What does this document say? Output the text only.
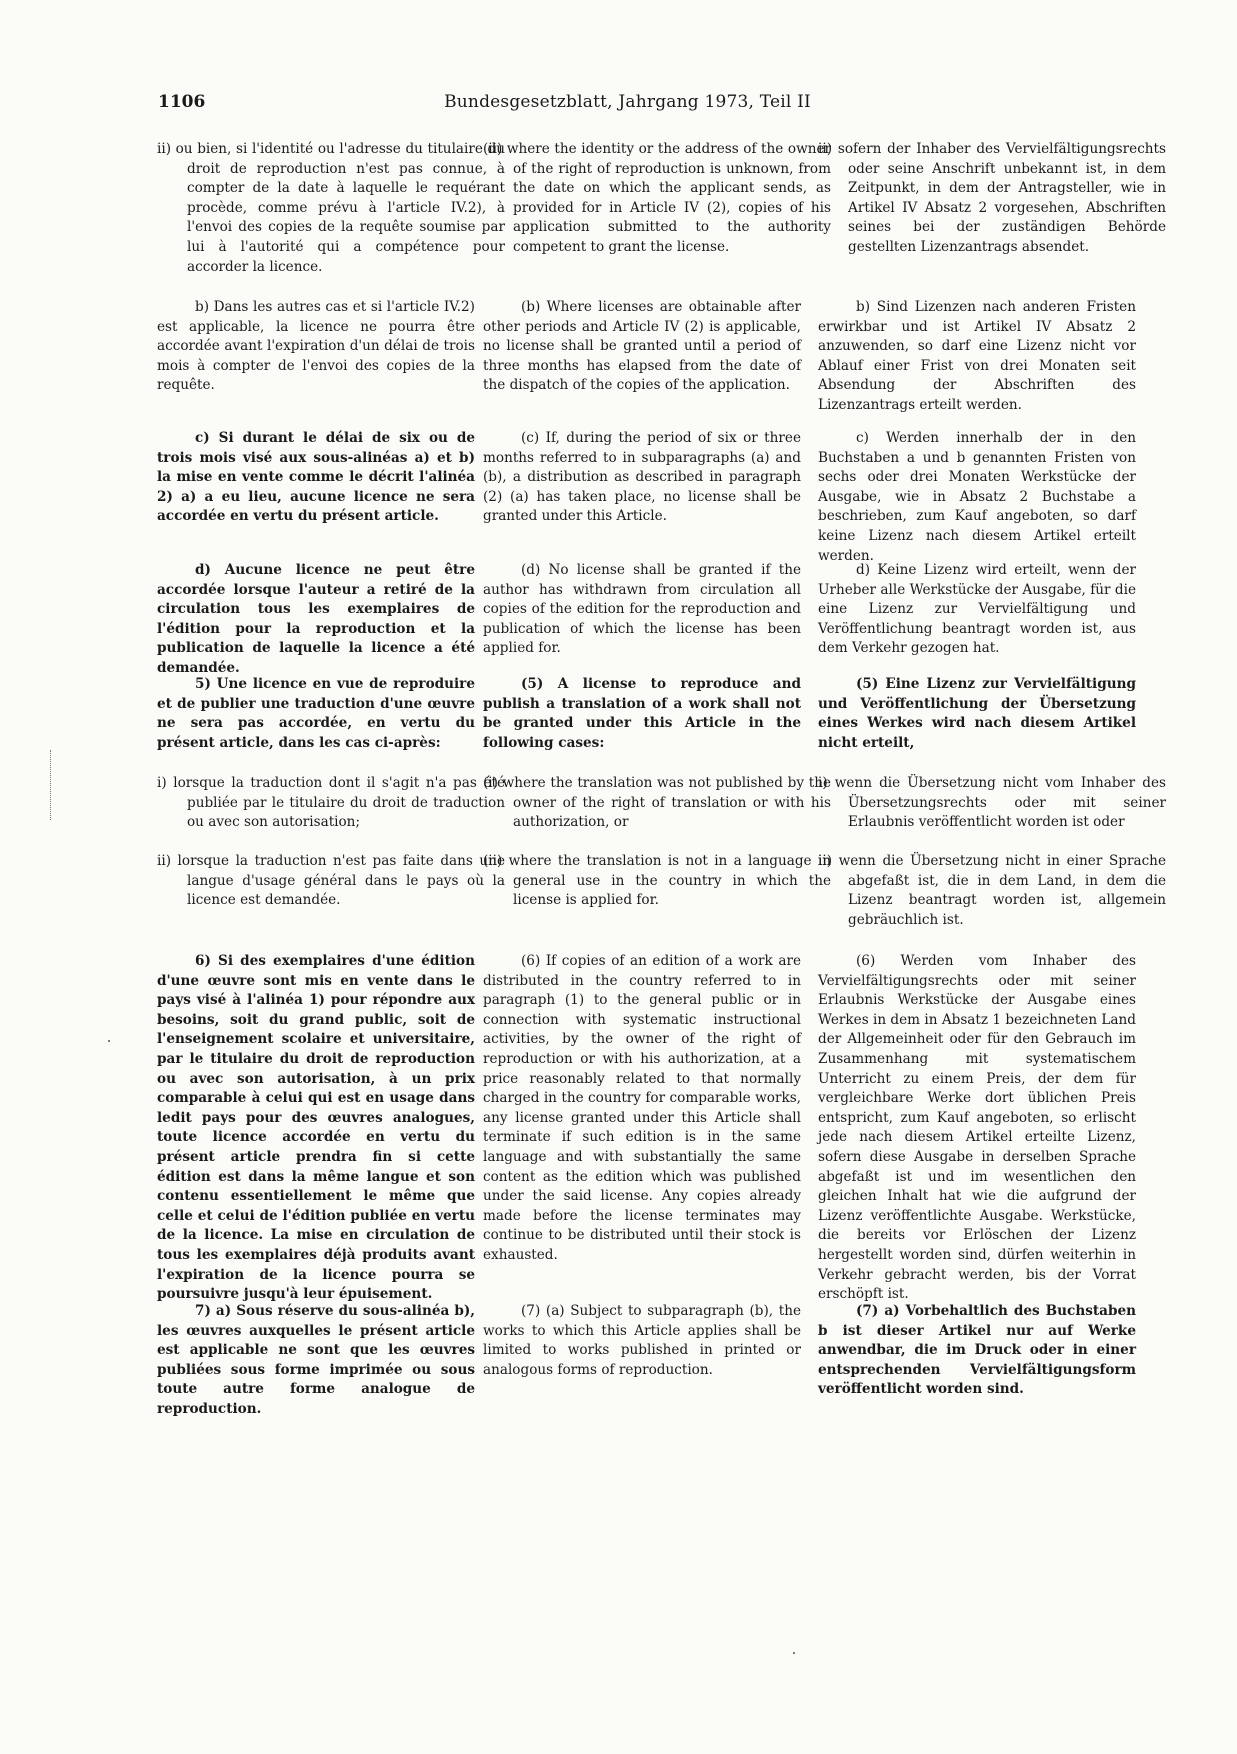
1106	Bundesgesetzblatt, Jahrgang 1973, Teil II
ii) ou bien, si l'identité ou l'adresse du titulaire du droit de reproduction n'est pas connue, à compter de la date à laquelle le requérant procède, comme prévu à l'article IV.2), à l'envoi des copies de la requête soumise par lui à l'autorité qui a compétence pour accorder la licence.
b) Dans les autres cas et si l'article IV.2) est applicable, la licence ne pourra être accordée avant l'expiration d'un délai de trois mois à compter de l'envoi des copies de la requête.
c) Si durant le délai de six ou de trois mois visé aux sous-alinéas a) et b) la mise en vente comme le décrit l'alinéa 2) a) a eu lieu, aucune licence ne sera accordée en vertu du présent article.
d) Aucune licence ne peut être accordée lorsque l'auteur a retiré de la circulation tous les exemplaires de l'édition pour la reproduction et la publication de laquelle la licence a été demandée.
5) Une licence en vue de reproduire et de publier une traduction d'une œuvre ne sera pas accordée, en vertu du présent article, dans les cas ci-après:
i) lorsque la traduction dont il s'agit n'a pas été publiée par le titulaire du droit de traduction ou avec son autorisation;
ii) lorsque la traduction n'est pas faite dans une langue d'usage général dans le pays où la licence est demandée.
6) Si des exemplaires d'une édition d'une œuvre sont mis en vente dans le pays visé à l'alinéa 1) pour répondre aux besoins, soit du grand public, soit de l'enseignement scolaire et universitaire, par le titulaire du droit de reproduction ou avec son autorisation, à un prix comparable à celui qui est en usage dans ledit pays pour des œuvres analogues, toute licence accordée en vertu du présent article prendra fin si cette édition est dans la même langue et son contenu essentiellement le même que celle et celui de l'édition publiée en vertu de la licence. La mise en circulation de tous les exemplaires déjà produits avant l'expiration de la licence pourra se poursuivre jusqu'à leur épuisement.
7) a) Sous réserve du sous-alinéa b), les œuvres auxquelles le présent article est applicable ne sont que les œuvres publiées sous forme imprimée ou sous toute autre forme analogue de reproduction.
(ii) where the identity or the address of the owner of the right of reproduction is unknown, from the date on which the applicant sends, as provided for in Article IV (2), copies of his application submitted to the authority competent to grant the license.
(b) Where licenses are obtainable after other periods and Article IV (2) is applicable, no license shall be granted until a period of three months has elapsed from the date of the dispatch of the copies of the application.
(c) If, during the period of six or three months referred to in subparagraphs (a) and (b), a distribution as described in paragraph (2) (a) has taken place, no license shall be granted under this Article.
(d) No license shall be granted if the author has withdrawn from circulation all copies of the edition for the reproduction and publication of which the license has been applied for.
(5) A license to reproduce and publish a translation of a work shall not be granted under this Article in the following cases:
(i) where the translation was not published by the owner of the right of translation or with his authorization, or
(ii) where the translation is not in a language in general use in the country in which the license is applied for.
(6) If copies of an edition of a work are distributed in the country referred to in paragraph (1) to the general public or in connection with systematic instructional activities, by the owner of the right of reproduction or with his authorization, at a price reasonably related to that normally charged in the country for comparable works, any license granted under this Article shall terminate if such edition is in the same language and with substantially the same content as the edition which was published under the said license. Any copies already made before the license terminates may continue to be distributed until their stock is exhausted.
(7) (a) Subject to subparagraph (b), the works to which this Article applies shall be limited to works published in printed or analogous forms of reproduction.
ii) sofern der Inhaber des Vervielfältigungsrechts oder seine Anschrift unbekannt ist, in dem Zeitpunkt, in dem der Antragsteller, wie in Artikel IV Absatz 2 vorgesehen, Abschriften seines bei der zuständigen Behörde gestellten Lizenzantrags absendet.
b) Sind Lizenzen nach anderen Fristen erwirkbar und ist Artikel IV Absatz 2 anzuwenden, so darf eine Lizenz nicht vor Ablauf einer Frist von drei Monaten seit Absendung der Abschriften des Lizenzantrags erteilt werden.
c) Werden innerhalb der in den Buchstaben a und b genannten Fristen von sechs oder drei Monaten Werkstücke der Ausgabe, wie in Absatz 2 Buchstabe a beschrieben, zum Kauf angeboten, so darf keine Lizenz nach diesem Artikel erteilt werden.
d) Keine Lizenz wird erteilt, wenn der Urheber alle Werkstücke der Ausgabe, für die eine Lizenz zur Vervielfältigung und Veröffentlichung beantragt worden ist, aus dem Verkehr gezogen hat.
(5) Eine Lizenz zur Vervielfältigung und Veröffentlichung der Übersetzung eines Werkes wird nach diesem Artikel nicht erteilt,
i) wenn die Übersetzung nicht vom Inhaber des Übersetzungsrechts oder mit seiner Erlaubnis veröffentlicht worden ist oder
ii) wenn die Übersetzung nicht in einer Sprache abgefaßt ist, die in dem Land, in dem die Lizenz beantragt worden ist, allgemein gebräuchlich ist.
(6) Werden vom Inhaber des Vervielfältigungsrechts oder mit seiner Erlaubnis Werkstücke der Ausgabe eines Werkes in dem in Absatz 1 bezeichneten Land der Allgemeinheit oder für den Gebrauch im Zusammenhang mit systematischem Unterricht zu einem Preis, der dem für vergleichbare Werke dort üblichen Preis entspricht, zum Kauf angeboten, so erlischt jede nach diesem Artikel erteilte Lizenz, sofern diese Ausgabe in derselben Sprache abgefaßt ist und im wesentlichen den gleichen Inhalt hat wie die aufgrund der Lizenz veröffentlichte Ausgabe. Werkstücke, die bereits vor Erlöschen der Lizenz hergestellt worden sind, dürfen weiterhin in Verkehr gebracht werden, bis der Vorrat erschöpft ist.
(7) a) Vorbehaltlich des Buchstaben b ist dieser Artikel nur auf Werke anwendbar, die im Druck oder in einer entsprechenden Vervielfältigungsform veröffentlicht worden sind.
